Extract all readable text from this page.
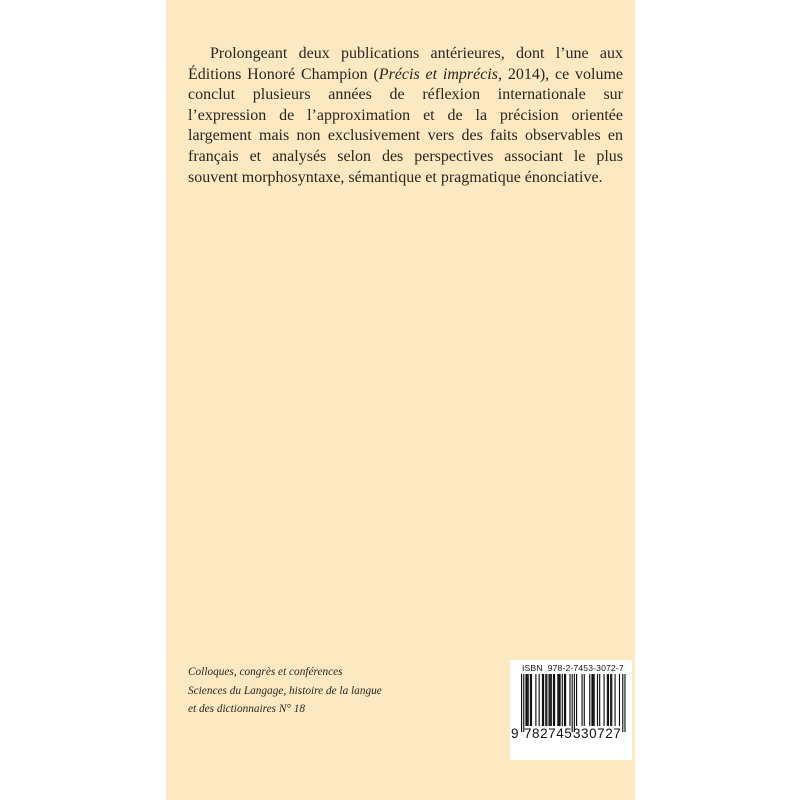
Prolongeant deux publications antérieures, dont l’une aux
Éditions Honoré Champion (Précis et imprécis, 2014), ce volume
conclut plusieurs années de réflexion internationale sur
l’expression de l’approximation et de la précision orientée
largement mais non exclusivement vers des faits observables en
français et analysés selon des perspectives associant le plus
souvent morphosyntaxe, sémantique et pragmatique énonciative.
Colloques, congrès et conférences
Sciences du Langage, histoire de la langue
et des dictionnaires N° 18
ISBN 978-2-7453-3072-7
9 782745 330727
